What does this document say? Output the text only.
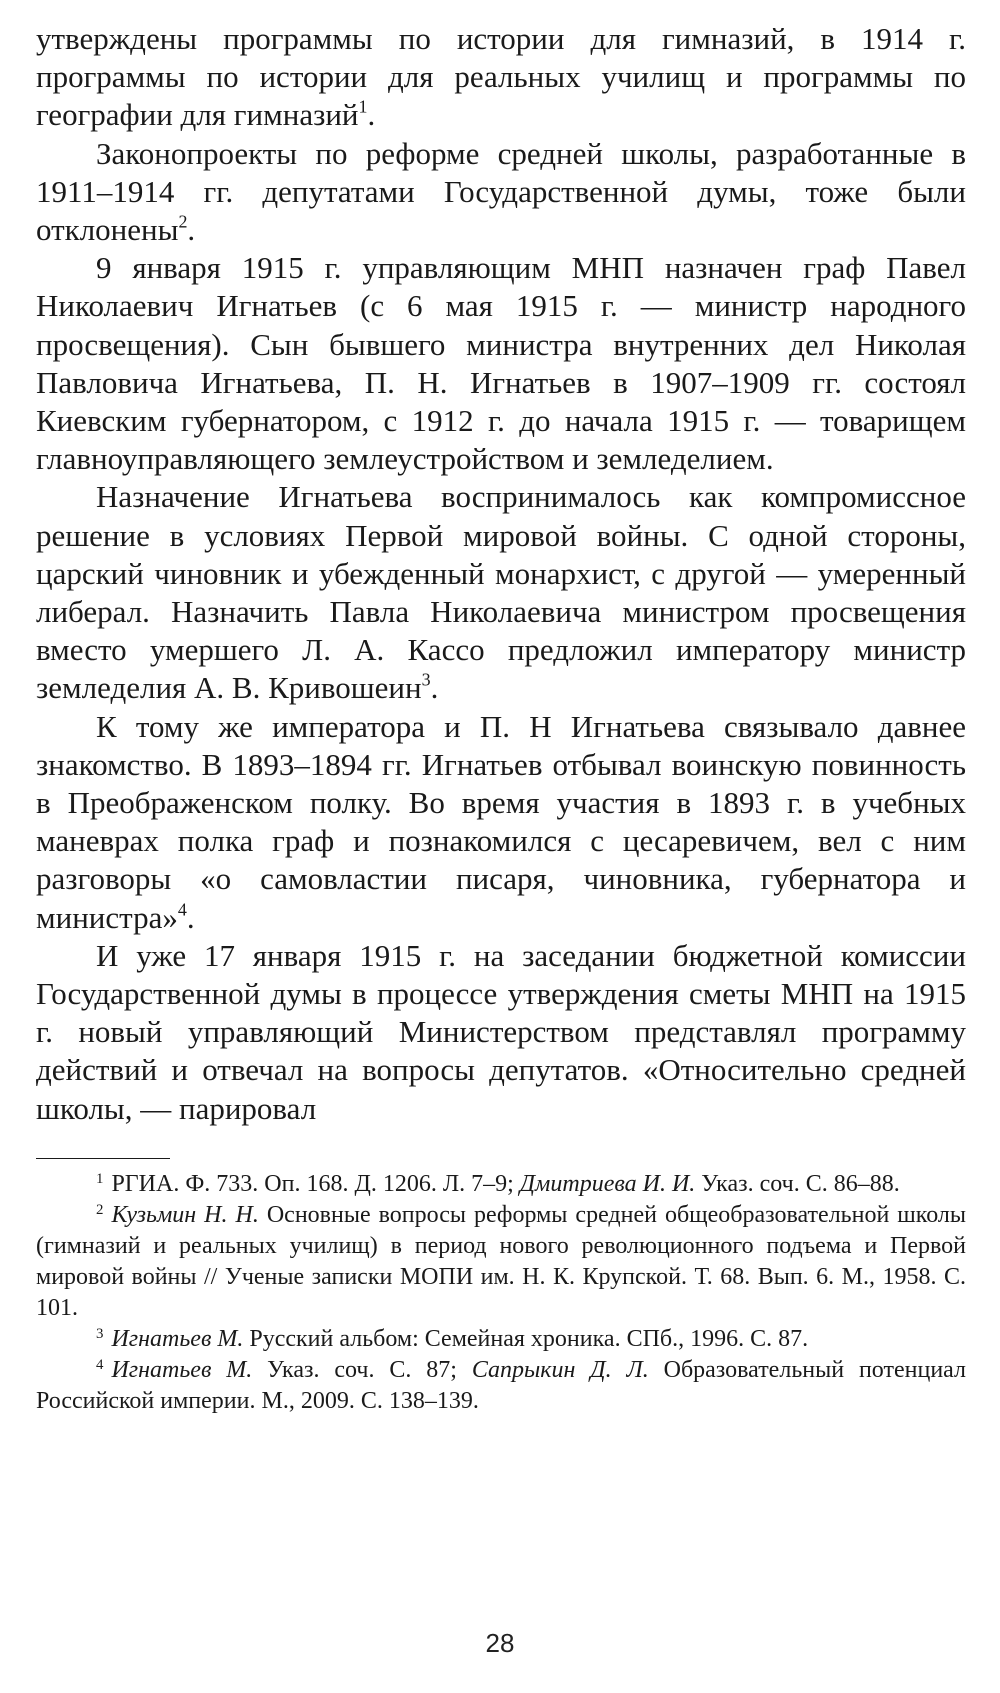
утверждены программы по истории для гимназий, в 1914 г. программы по истории для реальных училищ и программы по географии для гимназий$^1$.

Законопроекты по реформе средней школы, разработанные в 1911–1914 гг. депутатами Государственной думы, тоже были отклонены$^2$.

9 января 1915 г. управляющим МНП назначен граф Павел Николаевич Игнатьев (с 6 мая 1915 г. — министр народного просвещения). Сын бывшего министра внутренних дел Николая Павловича Игнатьева, П. Н. Игнатьев в 1907–1909 гг. состоял Киевским губернатором, с 1912 г. до начала 1915 г. — товарищем главноуправляющего землеустройством и земледелием.

Назначение Игнатьева воспринималось как компромиссное решение в условиях Первой мировой войны. С одной стороны, царский чиновник и убежденный монархист, с другой — умеренный либерал. Назначить Павла Николаевича министром просвещения вместо умершего Л. А. Кассо предложил императору министр земледелия А. В. Кривошеин$^3$.

К тому же императора и П. Н Игнатьева связывало давнее знакомство. В 1893–1894 гг. Игнатьев отбывал воинскую повинность в Преображенском полку. Во время участия в 1893 г. в учебных маневрах полка граф и познакомился с цесаревичем, вел с ним разговоры «о самовластии писаря, чиновника, губернатора и министра»$^4$.

И уже 17 января 1915 г. на заседании бюджетной комиссии Государственной думы в процессе утверждения сметы МНП на 1915 г. новый управляющий Министерством представлял программу действий и отвечал на вопросы депутатов. «Относительно средней школы, — парировал

$^1$ РГИА. Ф. 733. Оп. 168. Д. 1206. Л. 7–9; Дмитриева И. И. Указ. соч. С. 86–88.

$^2$ Кузьмин Н. Н. Основные вопросы реформы средней общеобразовательной школы (гимназий и реальных училищ) в период нового революционного подъема и Первой мировой войны // Ученые записки МОПИ им. Н. К. Крупской. Т. 68. Вып. 6. М., 1958. С. 101.

$^3$ Игнатьев М. Русский альбом: Семейная хроника. СПб., 1996. С. 87.

$^4$ Игнатьев М. Указ. соч. С. 87; Сапрыкин Д. Л. Образовательный потенциал Российской империи. М., 2009. С. 138–139.

28
